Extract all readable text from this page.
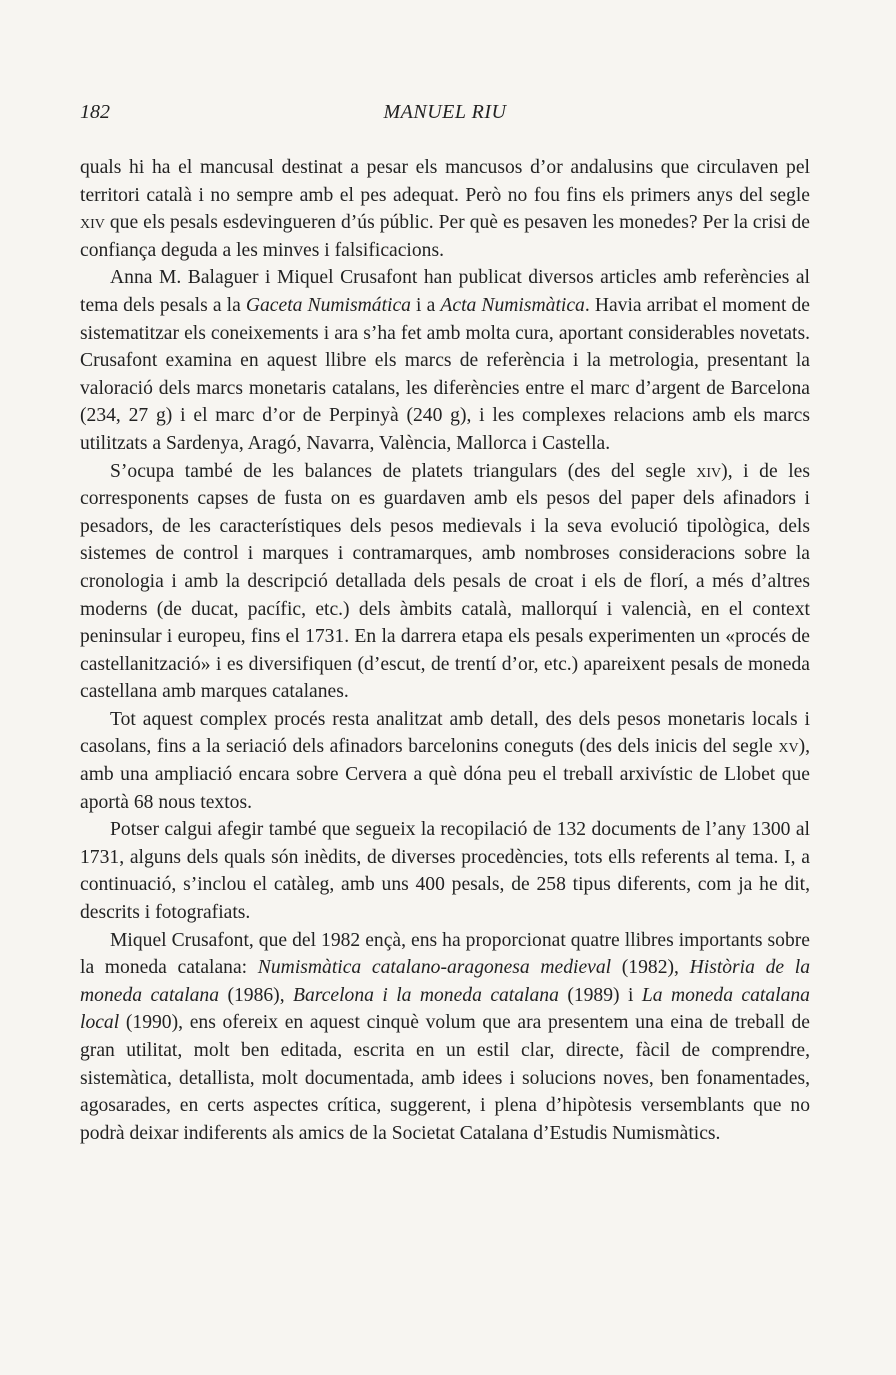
182	MANUEL RIU

quals hi ha el mancusal destinat a pesar els mancusos d’or andalusins que circulaven pel territori català i no sempre amb el pes adequat. Però no fou fins els primers anys del segle xiv que els pesals esdevingueren d’ús públic. Per què es pesaven les monedes? Per la crisi de confiança deguda a les minves i falsificacions.

Anna M. Balaguer i Miquel Crusafont han publicat diversos articles amb referències al tema dels pesals a la Gaceta Numismática i a Acta Numismàtica. Havia arribat el moment de sistematitzar els coneixements i ara s’ha fet amb molta cura, aportant considerables novetats. Crusafont examina en aquest llibre els marcs de referència i la metrologia, presentant la valoració dels marcs monetaris catalans, les diferències entre el marc d’argent de Barcelona (234, 27 g) i el marc d’or de Perpinyà (240 g), i les complexes relacions amb els marcs utilitzats a Sardenya, Aragó, Navarra, València, Mallorca i Castella.

S’ocupa també de les balances de platets triangulars (des del segle xiv), i de les corresponents capses de fusta on es guardaven amb els pesos del paper dels afinadors i pesadors, de les característiques dels pesos medievals i la seva evolució tipològica, dels sistemes de control i marques i contramarques, amb nombroses consideracions sobre la cronologia i amb la descripció detallada dels pesals de croat i els de florí, a més d’altres moderns (de ducat, pacífic, etc.) dels àmbits català, mallorquí i valencià, en el context peninsular i europeu, fins el 1731. En la darrera etapa els pesals experimenten un «procés de castellanització» i es diversifiquen (d’escut, de trentí d’or, etc.) apareixent pesals de moneda castellana amb marques catalanes.

Tot aquest complex procés resta analitzat amb detall, des dels pesos monetaris locals i casolans, fins a la seriació dels afinadors barcelonins coneguts (des dels inicis del segle xv), amb una ampliació encara sobre Cervera a què dóna peu el treball arxivístic de Llobet que aportà 68 nous textos.

Potser calgui afegir també que segueix la recopilació de 132 documents de l’any 1300 al 1731, alguns dels quals són inèdits, de diverses procedències, tots ells referents al tema. I, a continuació, s’inclou el catàleg, amb uns 400 pesals, de 258 tipus diferents, com ja he dit, descrits i fotografiats.

Miquel Crusafont, que del 1982 ençà, ens ha proporcionat quatre llibres importants sobre la moneda catalana: Numismàtica catalano-aragonesa medieval (1982), Història de la moneda catalana (1986), Barcelona i la moneda catalana (1989) i La moneda catalana local (1990), ens ofereix en aquest cinquè volum que ara presentem una eina de treball de gran utilitat, molt ben editada, escrita en un estil clar, directe, fàcil de comprendre, sistemàtica, detallista, molt documentada, amb idees i solucions noves, ben fonamentades, agosarades, en certs aspectes crítica, suggerent, i plena d’hipòtesis versemblants que no podrà deixar indiferents als amics de la Societat Catalana d’Estudis Numismàtics.
